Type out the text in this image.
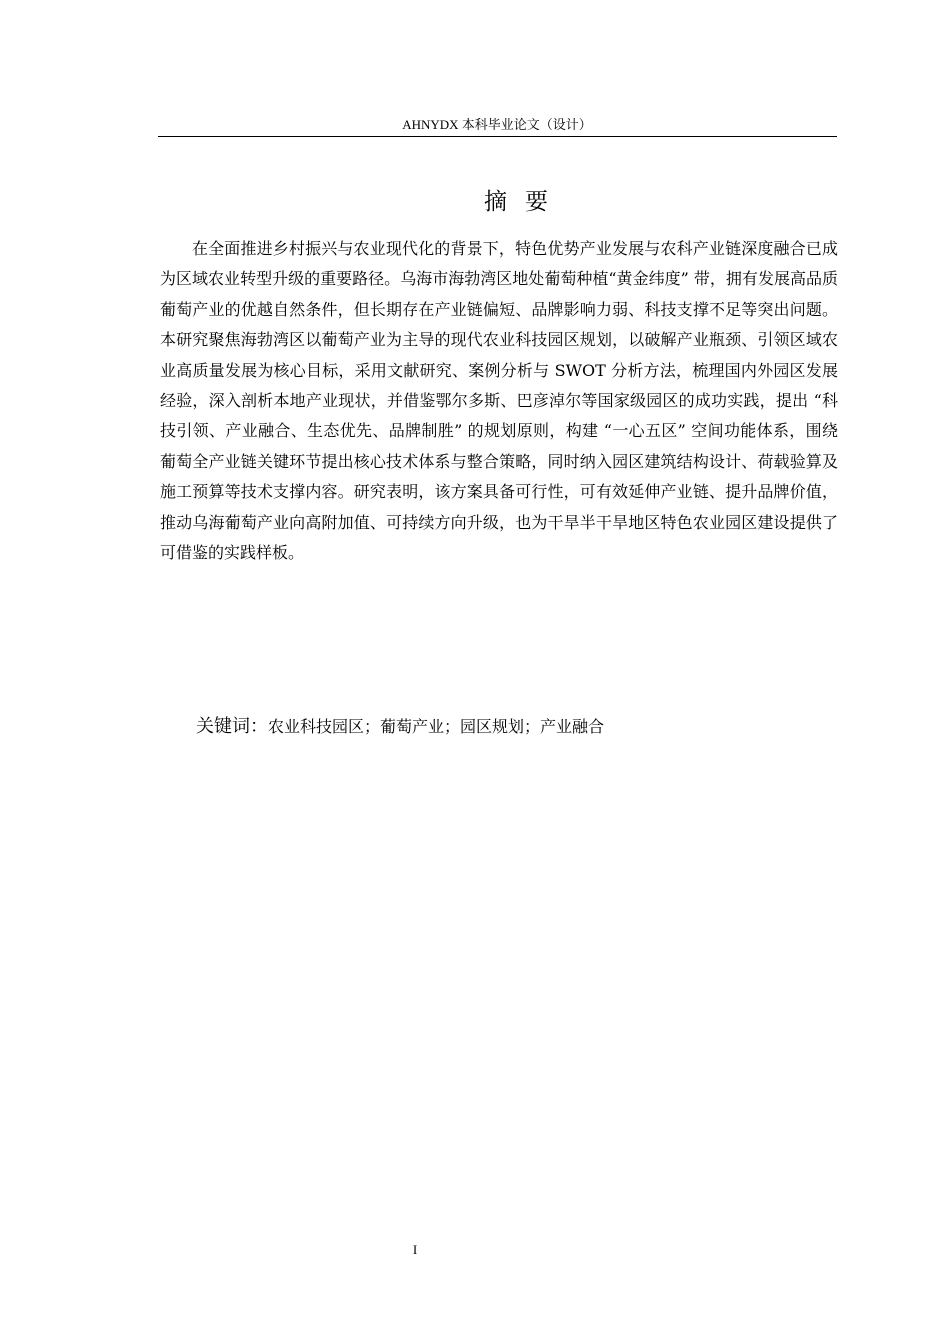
AHNYDX 本科毕业论文（设计）
摘要

在全面推进乡村振兴与农业现代化的背景下，特色优势产业发展与农科产业链深度融合已成为区域农业转型升级的重要路径。乌海市海勃湾区地处葡萄种植“黄金纬度” 带，拥有发展高品质葡萄产业的优越自然条件，但长期存在产业链偏短、品牌影响力弱、科技支撑不足等突出问题。本研究聚焦海勃湾区以葡萄产业为主导的现代农业科技园区规划，以破解产业瓶颈、引领区域农业高质量发展为核心目标，采用文献研究、案例分析与 SWOT 分析方法，梳理国内外园区发展经验，深入剖析本地产业现状，并借鉴鄂尔多斯、巴彦淖尔等国家级园区的成功实践，提出 “科技引领、产业融合、生态优先、品牌制胜” 的规划原则，构建 “一心五区” 空间功能体系，围绕葡萄全产业链关键环节提出核心技术体系与整合策略，同时纳入园区建筑结构设计、荷载验算及施工预算等技术支撑内容。研究表明，该方案具备可行性，可有效延伸产业链、提升品牌价值，推动乌海葡萄产业向高附加值、可持续方向升级，也为干旱半干旱地区特色农业园区建设提供了可借鉴的实践样板。

关键词：农业科技园区；葡萄产业；园区规划；产业融合
I
